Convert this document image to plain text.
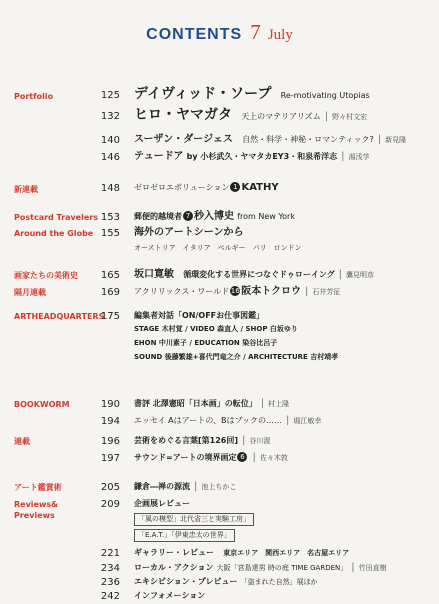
CONTENTS 7 July
Portfolio
新連載
Postcard Travelers
Around the Globe
画家たちの美術史
隔月連載
ARTHEADQUARTERS
BOOKWORM
連載
アート鑑賞術
Reviews&
Previews
125 デイヴィッド・ソープ Re-motivating Utopias
132 ヒロ・ヤマガタ 天上のマテリアリズム | 野々村文宏
140 スーザン・ダージェス 自然・科学・神秘・ロマンティック? | 新見隆
146 テュードア by 小杉武久・ヤマタカEY3・和泉希洋志 | 湯浅学
148 ゼロゼロエボリューション 1 KATHY
153 郵便的越境者 7 秒入博史 from New York
155 海外のアートシーンから
オーストリア　イタリア　ベルギー　パリ　ロンドン
165 坂口寛敏 循環変化する世界につなぐドゥローイング | 鷹見明彦
169 アクリリックス・ワールド 16 阪本トクロウ | 石井芳征
175 編集者対話「ON/OFFお仕事図鑑」
STAGE 木村覚 / VIDEO 森直人 / SHOP 白坂ゆり
EHON 中川素子 / EDUCATION 染谷比呂子
SOUND 後藤繁雄+喜代門竜之介 / ARCHITECTURE 吉村靖孝
190 書評 北澤憲昭「日本画」の転位」 | 村上隆
194 エッセイ Aはアートの、Bはブックの…… | 堀江敏幸
196 芸術をめぐる言葉[第126回] | 谷川渥
197 サウンド=アートの境界画定 6 | 佐々木敦
205 鎌倉―禅の源流 | 池上ちかこ
209 企画展レビュー
「風の模型」北代省三と実験工房」
「E.A.T.」「伊東忠太の世界」
221 ギャラリー・レビュー 東京エリア　関西エリア　名古屋エリア
234 ローカル・アクション 大阪「宮島達男 時の庭 TIME GARDEN」 | 竹田直樹
236 エキシビション・プレビュー 「盗まれた自然」展ほか
242 インフォメーション
